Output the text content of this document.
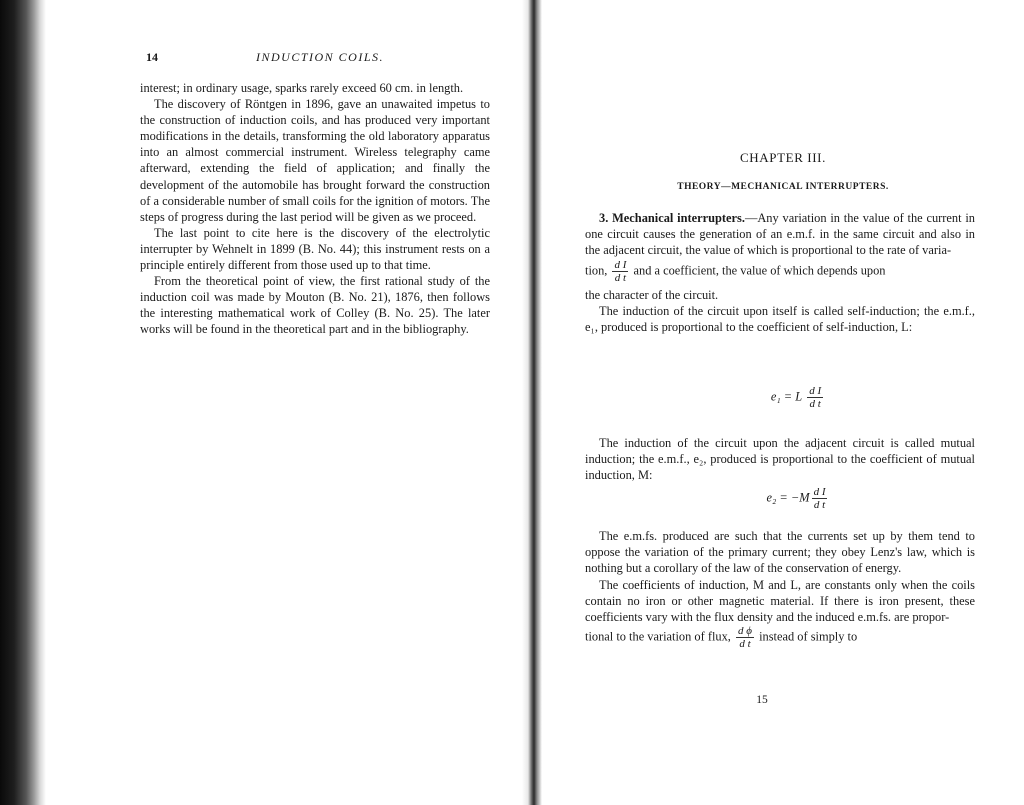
14	INDUCTION COILS.

interest; in ordinary usage, sparks rarely exceed 60 cm. in length.

The discovery of Röntgen in 1896, gave an unawaited impetus to the construction of induction coils, and has produced very important modifications in the details, transforming the old laboratory apparatus into an almost commercial instrument. Wireless telegraphy came afterward, extending the field of application; and finally the development of the automobile has brought forward the construction of a considerable number of small coils for the ignition of motors. The steps of progress during the last period will be given as we proceed.

The last point to cite here is the discovery of the electrolytic interrupter by Wehnelt in 1899 (B. No. 44); this instrument rests on a principle entirely different from those used up to that time.

From the theoretical point of view, the first rational study of the induction coil was made by Mouton (B. No. 21), 1876, then follows the interesting mathematical work of Colley (B. No. 25). The later works will be found in the theoretical part and in the bibliography.

CHAPTER III.
THEORY—MECHANICAL INTERRUPTERS.

3. Mechanical interrupters.—Any variation in the value of the current in one circuit causes the generation of an e.m.f. in the same circuit and also in the adjacent circuit, the value of which is proportional to the rate of varia-

tion, $\frac{\text{d I}}{\text{d t}}$ and a coefficient, the value of which depends upon

the character of the circuit.

The induction of the circuit upon itself is called self-induction; the e.m.f., e₁, produced is proportional to the coefficient of self-induction, L:

e₁ = L $\frac{\text{d I}}{\text{d t}}$

The induction of the circuit upon the adjacent circuit is called mutual induction; the e.m.f., e₂, produced is proportional to the coefficient of mutual induction, M:

$e_2 = -M \frac{\text{d I}}{\text{d t}}$

The e.m.fs. produced are such that the currents set up by them tend to oppose the variation of the primary current; they obey Lenz's law, which is nothing but a corollary of the law of the conservation of energy.

The coefficients of induction, M and L, are constants only when the coils contain no iron or other magnetic material. If there is iron present, these coefficients vary with the flux density and the induced e.m.fs. are propor-

tional to the variation of flux, $\frac{\text{d ϕ}}{\text{d t}}$ instead of simply to

15
